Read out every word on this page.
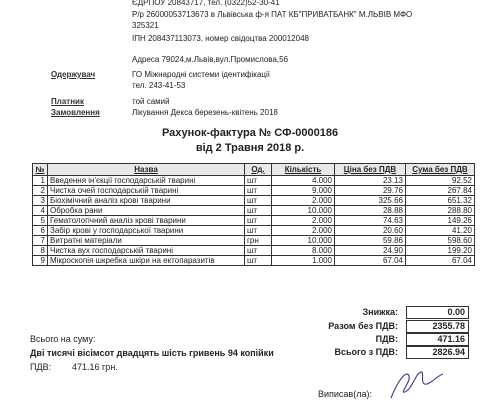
ЄДРПОУ 20843717, тел. (0322)52-30-41
Р/р 26000053713673 в Львівська ф-я ПАТ КБ"ПРИВАТБАНК" М.ЛЬВІВ МФО
325321
ІПН 208437113073, номер свідоцтва 200012048
Адреса 79024,м.Львів,вул.Промислова,56
Одержувач	ГО Міжнародні системи ідентифікації
тел. 243-41-53
Платник	той самий
Замовлення	Лікування Декса березень-квітень 2018
Рахунок-фактура № СФ-0000186
від 2 Травня 2018 р.
№	Назва	Од.	Кількість	Ціна без ПДВ	Сума без ПДВ
1	Введення ін'єкції господарській тварині	шт	4.000	23.13	92.52
2	Чистка очей господарській тварині	шт	9.000	29.76	267.84
3	Біохімічний аналіз крові тварини	шт	2.000	325.66	651.32
4	Обробка рани	шт	10.000	28.88	288.80
5	Гематологічний аналіз крові тварини	шт	2.000	74.63	149.26
6	Забір крові у господарської тварини	шт	2.000	20.60	41.20
7	Витратні матеріали	грн	10.000	59.86	598.60
8	Чистка вух господарській тварині	шт	8.000	24.90	199.20
9	Мікроскопія шкребка шкіри на ектопаразитів	шт	1.000	67.04	67.04
Знижка:	0.00
Разом без ПДВ:	2355.78
ПДВ:	471.16
Всього з ПДВ:	2826.94
Всього на суму:
Дві тисячі вісімсот двадцять шість гривень 94 копійки
ПДВ: 471.16 грн.
Виписав(ла):
